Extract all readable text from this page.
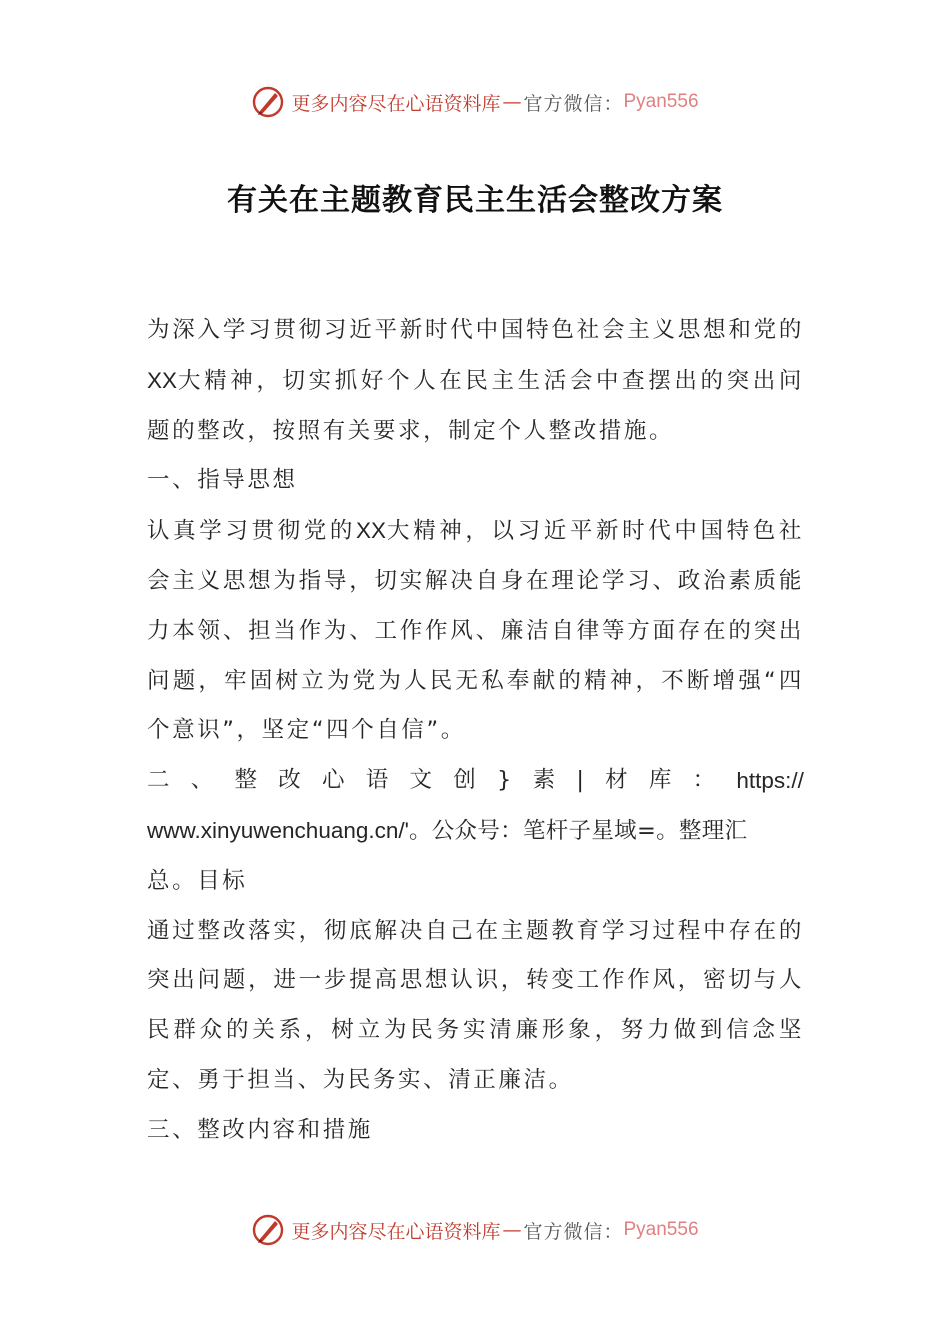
更多内容尽在心语资料库 — 官方微信： Pyan556
有关在主题教育民主生活会整改方案

为深入学习贯彻习近平新时代中国特色社会主义思想和党的XX大精神，切实抓好个人在民主生活会中查摆出的突出问题的整改，按照有关要求，制定个人整改措施。

一、指导思想

认真学习贯彻党的XX大精神，以习近平新时代中国特色社会主义思想为指导，切实解决自身在理论学习、政治素质能力本领、担当作为、工作作风、廉洁自律等方面存在的突出问题，牢固树立为党为人民无私奉献的精神，不断增强“四个意识”，坚定“四个自信”。

二 、 整 改 心 语 文 创 } 素 | 材 库 ： https://

www.xinyuwenchuang.cn/'。公众号：笔杆子星域=。整理汇

总。目标

通过整改落实，彻底解决自己在主题教育学习过程中存在的突出问题，进一步提高思想认识，转变工作作风，密切与人民群众的关系，树立为民务实清廉形象，努力做到信念坚定、勇于担当、为民务实、清正廉洁。

三、整改内容和措施

更多内容尽在心语资料库 — 官方微信： Pyan556
